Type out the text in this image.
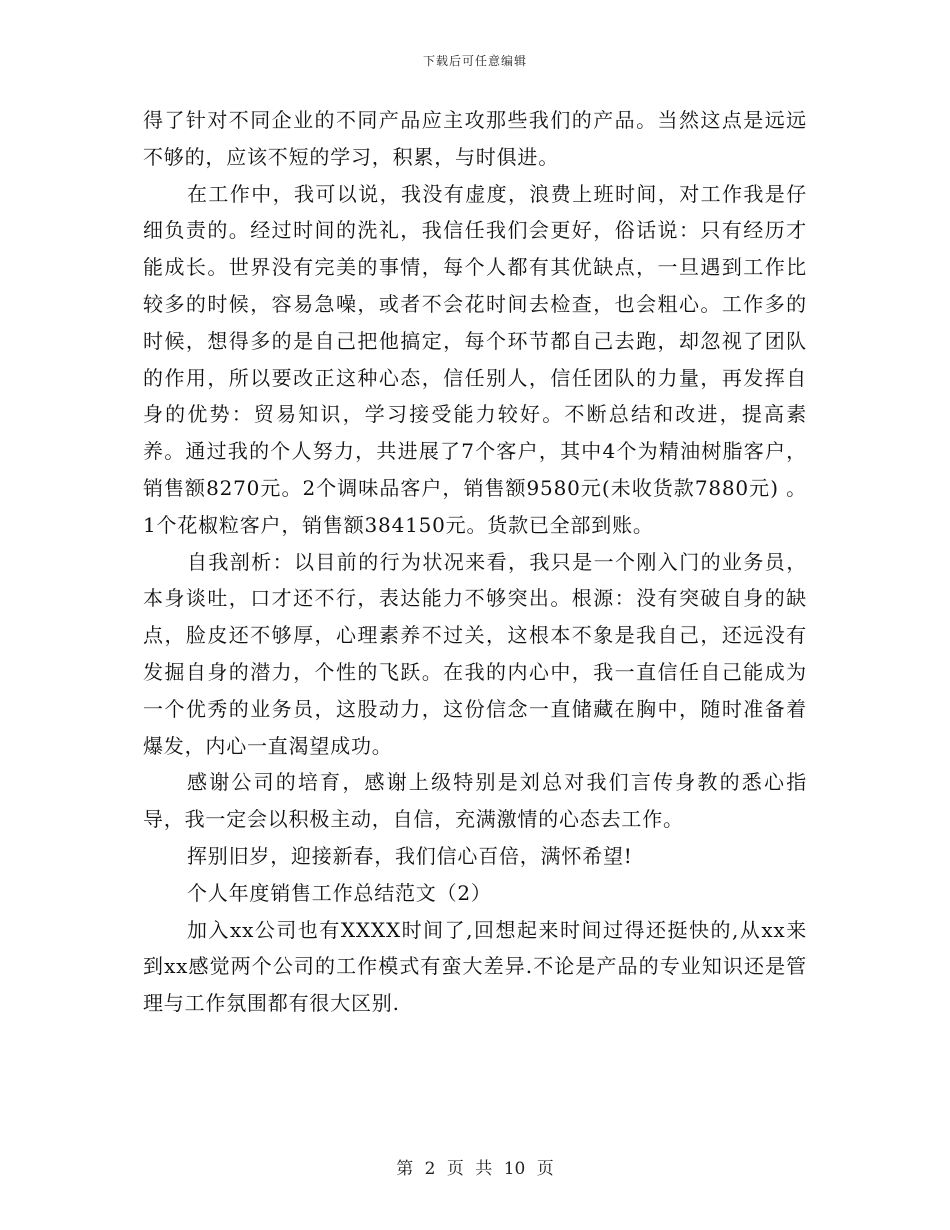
下载后可任意编辑

得了针对不同企业的不同产品应主攻那些我们的产品。当然这点是远远不够的，应该不短的学习，积累，与时俱进。

在工作中，我可以说，我没有虚度，浪费上班时间，对工作我是仔细负责的。经过时间的洗礼，我信任我们会更好，俗话说：只有经历才能成长。世界没有完美的事情，每个人都有其优缺点，一旦遇到工作比较多的时候，容易急噪，或者不会花时间去检查，也会粗心。工作多的时候，想得多的是自己把他搞定，每个环节都自己去跑，却忽视了团队的作用，所以要改正这种心态，信任别人，信任团队的力量，再发挥自身的优势：贸易知识，学习接受能力较好。不断总结和改进，提高素养。通过我的个人努力，共进展了7个客户，其中4个为精油树脂客户，销售额8270元。2个调味品客户，销售额9580元(未收货款7880元) 。1个花椒粒客户，销售额384150元。货款已全部到账。

自我剖析：以目前的行为状况来看，我只是一个刚入门的业务员，本身谈吐，口才还不行，表达能力不够突出。根源：没有突破自身的缺点，脸皮还不够厚，心理素养不过关，这根本不象是我自己，还远没有发掘自身的潜力，个性的飞跃。在我的内心中，我一直信任自己能成为一个优秀的业务员，这股动力，这份信念一直储藏在胸中，随时准备着爆发，内心一直渴望成功。

感谢公司的培育，感谢上级特别是刘总对我们言传身教的悉心指导，我一定会以积极主动，自信，充满激情的心态去工作。

挥别旧岁，迎接新春，我们信心百倍，满怀希望!

个人年度销售工作总结范文（2）

加入xx公司也有XXXX时间了,回想起来时间过得还挺快的,从xx来到xx感觉两个公司的工作模式有蛮大差异.不论是产品的专业知识还是管理与工作氛围都有很大区别.

第 2 页 共 10 页
